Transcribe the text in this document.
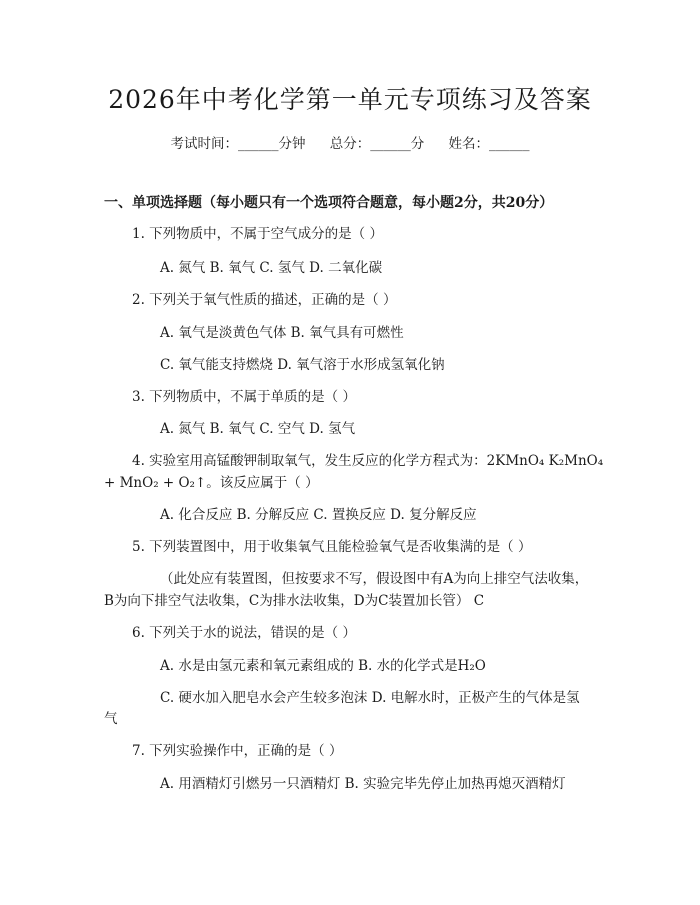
2026年中考化学第一单元专项练习及答案
考试时间：______分钟 总分：______分 姓名：______
一、单项选择题（每小题只有一个选项符合题意，每小题2分，共20分）
1. 下列物质中，不属于空气成分的是（ ）
A. 氮气 B. 氧气 C. 氢气 D. 二氧化碳
2. 下列关于氧气性质的描述，正确的是（ ）
A. 氧气是淡黄色气体 B. 氧气具有可燃性
C. 氧气能支持燃烧 D. 氧气溶于水形成氢氧化钠
3. 下列物质中，不属于单质的是（ ）
A. 氮气 B. 氧气 C. 空气 D. 氢气
4. 实验室用高锰酸钾制取氧气，发生反应的化学方程式为：2KMnO₄ K₂MnO₄
+ MnO₂ + O₂↑。该反应属于（ ）
A. 化合反应 B. 分解反应 C. 置换反应 D. 复分解反应
5. 下列装置图中，用于收集氧气且能检验氧气是否收集满的是（ ）
（此处应有装置图，但按要求不写，假设图中有A为向上排空气法收集，
B为向下排空气法收集，C为排水法收集，D为C装置加长管） C
6. 下列关于水的说法，错误的是（ ）
A. 水是由氢元素和氧元素组成的 B. 水的化学式是H₂O
C. 硬水加入肥皂水会产生较多泡沫 D. 电解水时，正极产生的气体是氢
气
7. 下列实验操作中，正确的是（ ）
A. 用酒精灯引燃另一只酒精灯 B. 实验完毕先停止加热再熄灭酒精灯
